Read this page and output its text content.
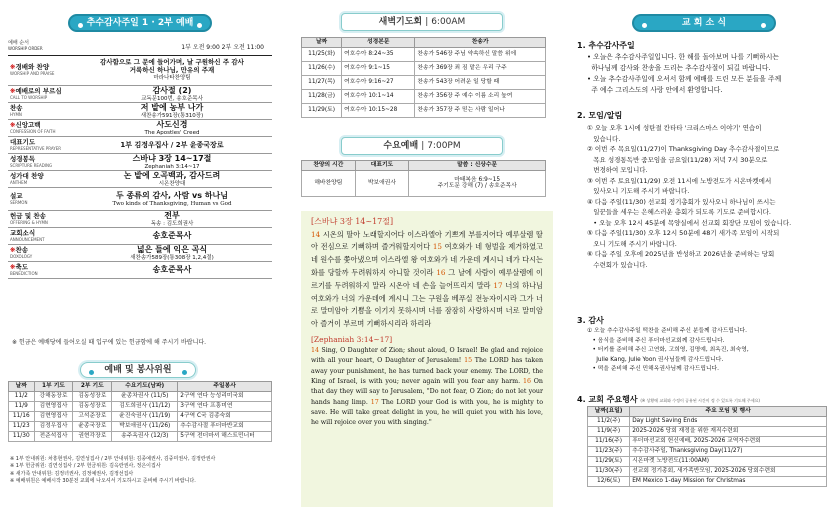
추수감사주일 1 · 2부 예배
예배 순서
WORSHIP ORDER	1부 오전 9:00 2부 오전 11:00
❋경배와 찬양
WORSHIP AND PRAISE
감사함으로 그 문에 들어가며, 날 구원하신 주 감사
거룩하신 하나님, 만유의 주재
마라나타찬양팀
❋예배로의 부르심
CALL TO WORSHIP
감사절 (2)
교독문100번, 송호준목사
찬송
HYMN
저 밭에 농부 나가
새찬송가591장(통310장)
❋신앙고백
CONFESSION OF FAITH
사도신경
The Apostles' Creed
대표기도
REPRESENTATIVE PRAYER	1부 김정우집사 / 2부 윤종국장로
성경봉독
SCRIPTURE READING
스바냐 3장 14~17절
Zephaniah 3:14~17
성가대 찬양
ANTHEM
논 밭에 오곡백과, 감사드려
시온찬양대
설교
SERMON
두 종류의 감사, 사람 vs 하나님
Two kinds of Thanksgiving, Human vs God
헌금 및 찬송
OFFERING & HYMN
전부
독송 : 김도희권사
교회소식
ANNOUNCEMENT	송호준목사
❋찬송
DOXOLOGY
넓은 들에 익은 곡식
새찬송가589장(통308장 1,2,4절)
❋축도
BENEDICTION	송호준목사
※ 헌금은 예배당에 들어오실 때 입구에 있는 헌금함에 해 주시기 바랍니다.
예배 및 봉사위원
날짜	1부 기도	2부 기도	수요기도(남파)	주일봉사
11/2	강해동장로	김동성장로	윤종차권사 (11/5)	2구역 연다 능성리미국회
11/9	김현영집사	김동성장로	김도희권사 (11/12)	3구역 연다 프흥미연
11/16	김현영집사	고석준장로	윤진숙권사 (11/19)	4구역 C국 김종숙회
11/23	김정우집사	윤종국장로	박보애권사 (11/26)	추수감사절 푸더마반교회
11/30	전준석집사	권현각장로	송주옥권사 (12/3)	5구역 전더마셔 해스트민너터
※ 1부 안내위원: 차흥현권사, 김연성집사 / 2부 안내위원: 김종예권사, 김중미권사, 김정란권사
※ 1부 헌금위원: 김연성집사 / 2부 헌금위원: 김옥란권사, 정은이집사
※ 새가족 안내위원: 김정녀권사, 김정예권사, 김정선집사
※ 예배위원은 예배시작 30분전 교회에 나오셔서 기도하시고 준비해 주시기 바랍니다.
새벽기도회
| 6:00AM
날짜	성경본문	찬송가
11/25(화)	여호수아 8:24~35	찬송가 546장 주님 약속하신 말씀 위에
11/26(수)	여호수아 9:1~15	찬송가 369장 죄 짐 맡은 우리 구주
11/27(목)	여호수아 9:16~27	찬송가 543장 어려운 일 당할 때
11/28(금)	여호수아 10:1~14	찬송가 356장 주 예수 이름 소리 높여
11/29(토)	여호수아 10:15~28	찬송가 357장 주 믿는 사람 일어나
수요예배
| 7:00PM
찬양의 시간	대표기도	말씀 : 신상수문
해바찬양팀	박보애권사	마태복음 6:9~15
주기도문 강해 (7) / 송호준목사
[스바냐 3장 14~17절]
14 시온의 딸아 노래할지어다 이스라엘아 기쁘게 부를지어다 예루살렘 딸아 전심으로 기뻐하며 즐거워할지어다 15 여호와가 네 형벌을 제거하였고 네 원수를 쫓아냈으며 이스라엘 왕 여호와가 네 가운데 계시니 네가 다시는 화를 당할까 두려워하지 아니할 것이라 16 그 날에 사람이 예루살렘에 이르기를 두려워하지 말라 시온아 네 손을 늘어뜨리지 말라 17 너의 하나님 여호와가 너의 가운데에 계시니 그는 구원을 베푸실 전능자이시라 그가 너로 말미암아 기쁨을 이기지 못하시며 너를 잠잠히 사랑하시며 너로 말미암아 즐거이 부르며 기뻐하시리라 하리라
[Zephaniah 3:14~17]
14 Sing, O Daughter of Zion; shout aloud, O Israel! Be glad and rejoice with all your heart, O Daughter of Jerusalem! 15 The LORD has taken away your punishment, he has turned back your enemy. The LORD, the King of Israel, is with you; never again will you fear any harm. 16 On that day they will say to Jerusalem, "Do not fear, O Zion; do not let your hands hang limp. 17 The LORD your God is with you, he is mighty to save. He will take great delight in you, he will quiet you with his love, he will rejoice over you with singing."
교 회 소 식
1. 추수감사주일
• 오늘은 추수감사주일입니다. 한 해를 돌아보며 나를 기뻐하시는
하나님께 감사와 찬송을 드리는 추수감사절이 되길 바랍니다.
• 오늘 추수감사주일에 오셔서 함께 예배를 드린 모든 분들을 주께
주 예수 그리스도의 사랑 안에서 환영합니다.
2. 모임/알림
① 오늘 오후 1시에 성탄절 칸타타 '크리스마스 이야기' 연습이
있습니다.
② 이번 주 목요일(11/27)이 Thanksgiving Day 추수감사절이므로
목요 성경통독반 줌모임을 금요일(11/28) 저녁 7시 30분으로
변경하여 모입니다.
③ 이번 주 토요일(11/29) 오전 11시에 노방전도가 시온마켓에서
있사오니 기도해 주시기 바랍니다.
④ 다음 주일(11/30) 선교회 정기총회가 있사오니 하나님이 쓰시는
일꾼들을 세우는 은혜스러운 총회가 되도록 기도로 준비합시다.
• 오늘 오후 12시 45분에 목양실에서 선교회 회장단 모임이 있습니다.
⑤ 다음 주일(11/30) 오후 12시 50분에 48기 새가족 모임이 시작되
오니 기도해 주시기 바랍니다.
⑥ 다음 주일 오후에 2025년을 반성하고 2026년을 준비하는 당회
수련회가 있습니다.
3. 감사
① 오늘 추수감사주일 떡찬을 준비해 주신 분들께 감사드립니다.
• 음식을 준비해 주신 푸더마선교회께 감사드립니다.
• 터키를 준비해 주신 고연화, 고희영, 김명예, 최옥진, 최숙영,
Julie Kang, Julie Yoon 권사님들께 감사드립니다.
• 떡을 준비해 주신 민해옥권사님께 감사드립니다.
4. 교회 주요행사 (※ 상황에 교회와 수정이 공유된 시간이 정 수 있도록 기도해 주세요)
날짜(요일)	주요 모임 및 행사
11/2(주)	Day Light Saving Ends
11/9(주)	2025-2026 당회 재정을 위한 재직수련회
11/16(주)	푸더마선교회 헌신예배, 2025-2026 교역자수련회
11/23(주)	추수감사주일, Thanksgiving Day(11/27)
11/29(토)	시온마켓 노방전도(11:00AM)
11/30(주)	선교회 정기총회, 새가족반모임, 2025-2026 당회수련회
12/6(토)	EM Mexico 1-day Mission for Christmas
